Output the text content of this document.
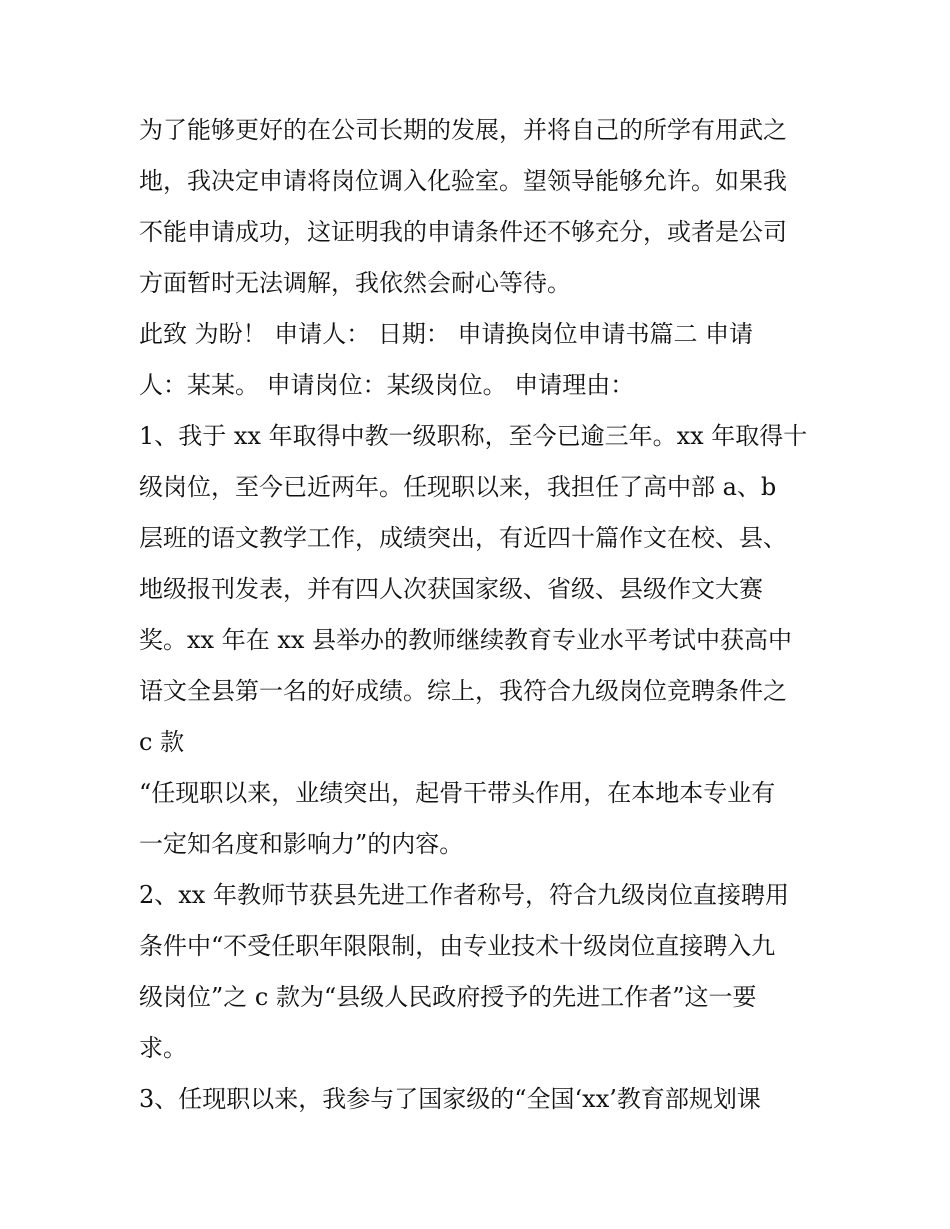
为了能够更好的在公司长期的发展，并将自己的所学有用武之
地，我决定申请将岗位调入化验室。望领导能够允许。如果我
不能申请成功，这证明我的申请条件还不够充分，或者是公司
方面暂时无法调解，我依然会耐心等待。
此致 为盼！ 申请人： 日期： 申请换岗位申请书篇二 申请
人：某某。 申请岗位：某级岗位。 申请理由：
1、我于 xx 年取得中教一级职称，至今已逾三年。xx 年取得十
级岗位，至今已近两年。任现职以来，我担任了高中部 a、b
层班的语文教学工作，成绩突出，有近四十篇作文在校、县、
地级报刊发表，并有四人次获国家级、省级、县级作文大赛
奖。xx 年在 xx 县举办的教师继续教育专业水平考试中获高中
语文全县第一名的好成绩。综上，我符合九级岗位竞聘条件之
c 款
“任现职以来，业绩突出，起骨干带头作用，在本地本专业有
一定知名度和影响力”的内容。
2、xx 年教师节获县先进工作者称号，符合九级岗位直接聘用
条件中“不受任职年限限制，由专业技术十级岗位直接聘入九
级岗位”之 c 款为“县级人民政府授予的先进工作者”这一要
求。
3、任现职以来，我参与了国家级的“全国‘xx’教育部规划课
